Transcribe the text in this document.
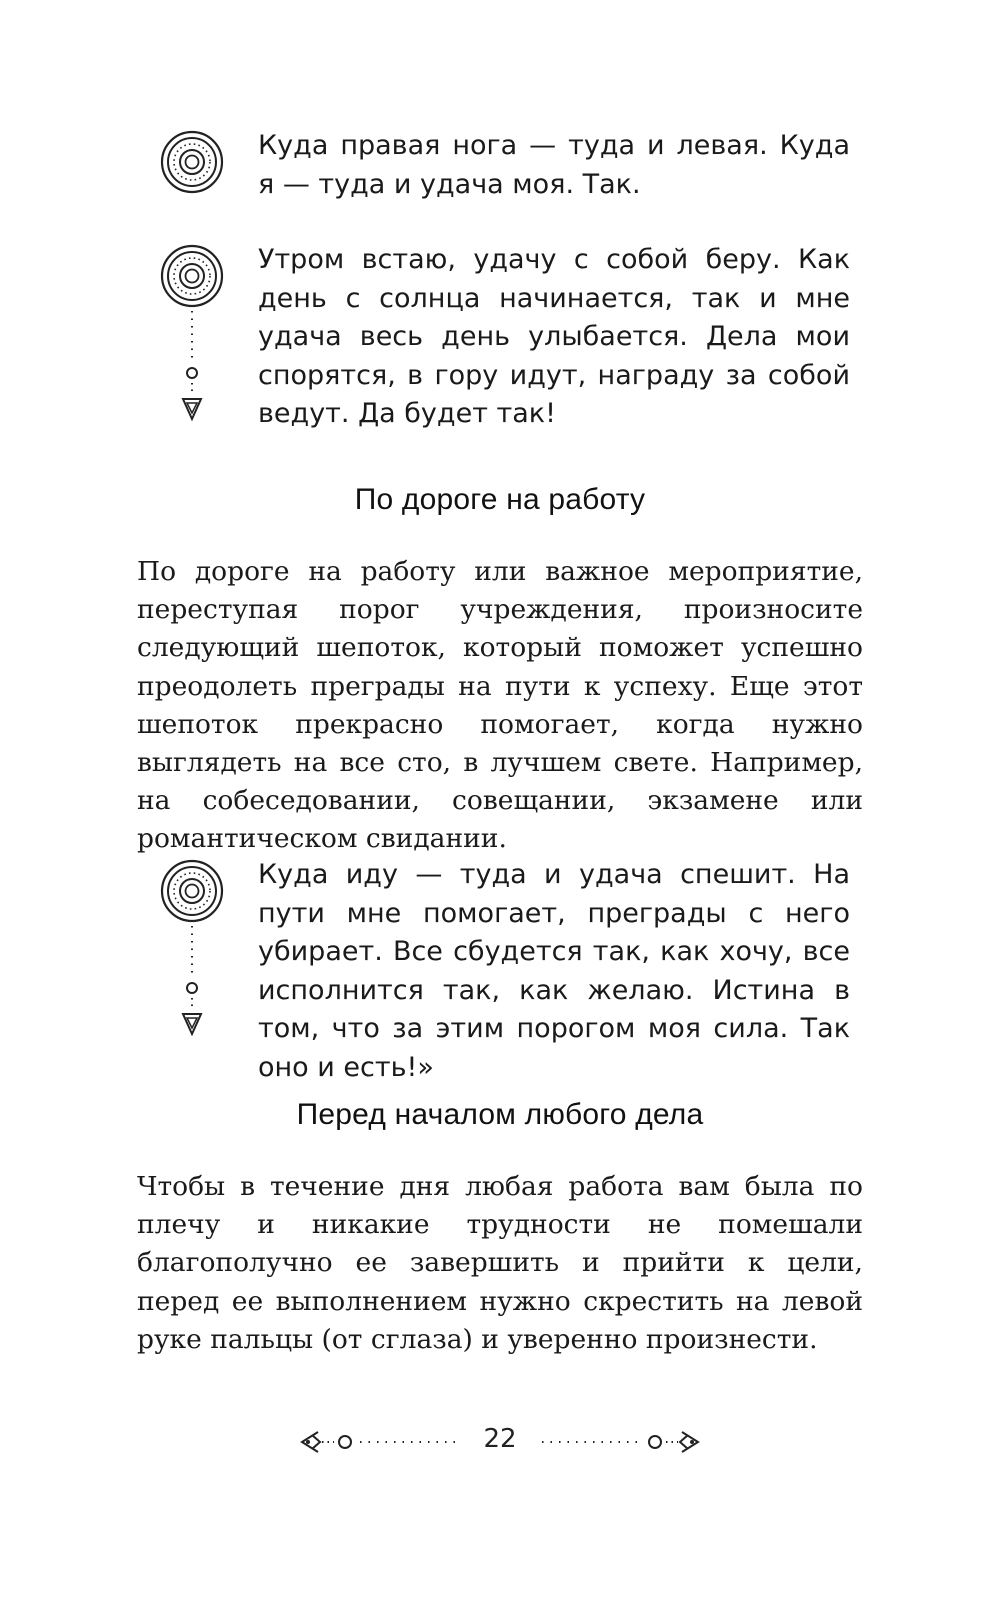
Куда правая нога — туда и левая. Куда я — туда и удача моя. Так.
Утром встаю, удачу с собой беру. Как день с солнца начинается, так и мне удача весь день улыбается. Дела мои спорятся, в гору идут, награду за собой ведут. Да будет так!
По дороге на работу

По дороге на работу или важное мероприятие, переступая порог учреждения, произносите следующий шепоток, который поможет успешно преодолеть преграды на пути к успеху. Еще этот шепоток прекрасно помогает, когда нужно выглядеть на все сто, в лучшем свете. Например, на собеседовании, совещании, экзамене или романтическом свидании.

Куда иду — туда и удача спешит. На пути мне помогает, преграды с него убирает. Все сбудется так, как хочу, все исполнится так, как желаю. Истина в том, что за этим порогом моя сила. Так оно и есть!»
Перед началом любого дела

Чтобы в течение дня любая работа вам была по плечу и никакие трудности не помешали благополучно ее завершить и прийти к цели, перед ее выполнением нужно скрестить на левой руке пальцы (от сглаза) и уверенно произнести.

22
